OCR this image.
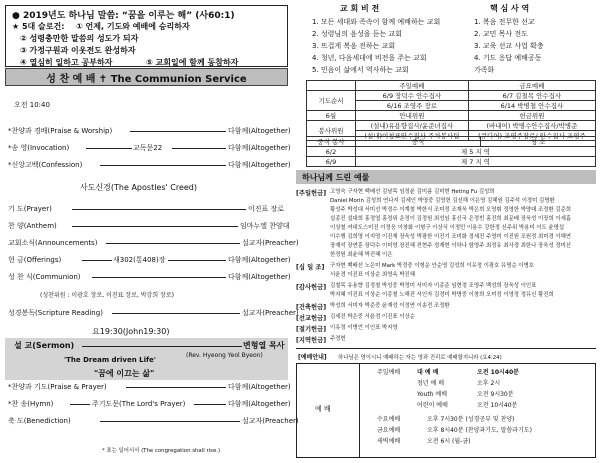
● 2019년도 하나님 말씀: “꿈을 이루는 해” (사60:1)
★ 5대 슬로건: ① 언제, 기도와 예배에 승리하자
② 성령충만한 말씀의 성도가 되자
③ 가정구원과 이웃전도 완성하자
④ 열심히 일하고 공부하자	⑤ 교회일에 함께 동참하자
성 찬 예 배 ✝ The Communion Service
오전 10:40
*찬양과 경배(Praise & Worship)	다함께(Altogether)
*송 영(Invocation)	교독문22	다함께(Altogether)
*신앙고백(Confession)	다함께(Altogether)
사도신경(The Apostles' Creed)
기 도(Prayer)	이진표 장로
찬 양(Anthem)	임마누엘 찬양대
교회소식(Announcements)	설교자(Preacher)
헌 금(Offerings)	새302(통408)장	다함께(Altogether)
성 찬 식(Communion)	다함께(Altogether)
(성찬위원 : 이광호 장로, 이진표 장로, 박강희 장로)
성경봉독(Scripture Reading)	설교자(Preacher)
요19:30(John19:30)
설 교(Sermon)	변형열 목사
(Rev. Hyeong Yeol Byeon)
'The Dream driven Life'
"꿈에 이끄는 삶"
*찬양과 기도(Praise & Prayer)	다함께(Altogether)
*찬 송(Hymn)	주기도문(The Lord's Prayer)	다함께(Altogether)
축 도(Benediction)	설교자(Preacher)
* 표는 일어서서 (The congregation shall rise.)
교 회 비 전
1. 모든 세대와 족속이 함께 예배하는 교회
2. 성령님의 음성을 듣는 교회
3. 뜨겁게 복음 전하는 교회
4. 청년, 다음세대에 비전을 주는 교회
5. 민음이 삶에서 역사하는 교회
핵 심 사 역
1. 복음 전무한 선교
2. 교민 목사 전도
3. 교육 선교 사업 확충
4. 기도 응답 예배공동
가족화
	주일예배	금요예배
기도순서	6/9 장덕수 안수집사	6/7 김철목 안수집사
	6/16 조영주 장로	6/14 박병철 안수집사
6월	안내위원	헌금위원
봉사위원	(설내)유용향집사/윤준녀집사	(바내어) 박병수안수집사/박병준
	(설내)이창표안수집사 주차봉사팀	(큐디어) 조영주장로/ 안수집사 조영주
중식 봉사	중식	청 소
6/2	제 5 지 역	
6/9	제 7 지 역	
하나님께 드린 예물
[주일헌금] 고영숙 구자현 백배선 김남목 임정윤 김미름 김미현 Heting Fu 김성희
Daniel Morin 김성희 연나지 김세인 박영중 김영헌 김선해 이은영 김혜원 김주석 이경미 김명환
황성주 박성대 서미선 박정수 이계철 박한식 조미정 조재욱 박은희 오영휘 정영한 박양대 조정환 김준희
설종진 설대희 홍정엽 홍정위 운정이 김정원 최성임 홍신국 은정빈 홍진희 최문배 장욱성 이장희 이세흡
이상철 여대도스미진 이정웅 이창화 이형구 이상식 이정민 이용수 강한정 신주위 박용미 이도 윤명섭
이수행 김희영 이지영 이진재 장욱성 박광한 이진기 조미화 정세진 주영미 이진원 조원정 최미경 이해연
장재석 장연훈 장덕수 이미영 장진혜 전현주 정재현 이하나 함영주 최정유 최사경 최한나 장욱성 정미선
한정원 최윤혜 박진혜 이은
[십 일 조]	구자현 백배선 노은미 Mark 박정중 이형운 안순영 김성희 이유정 이광호 유명순 이병호
서윤경 이진표 이상순 최영옥 박진혜
[감사헌금] 김철목 유용향 김정철 박성중 박정미 서미자 이종준 임현정 조영주 백성희 장욱성 이인표
박지혜 이진표 이상순 이종철 노해진 서인자 김경미 박명중 이창희 오미정 이영정 정유신 황진희
[건축헌금] 박성희 서미자 박준중 윤재성 이정연 이송전 조정환
[선교헌금] 김세진 박은중 서윤경 이진표 이상순
[절기헌금] 이유정 이병언 이인표 박지영
[지역헌금] 주정현
[예배안내] 하나님은 영이시니 예배하는 자는 영과 진리로 예배할지니라 (요4:24)
예 배
주일예배	대 예 배	오전 10시40분
청년 예 배	오후 2시
Youth 예배	오전 9시30분
어린이 예배	오전 10시40분
수요예배	오후 7시30분 (성경공부 및 찬양)
금요예배	오후 8시40분 (찬양과기도, 말씀과기도)
새벽예배	오전 6시 (월-금)
